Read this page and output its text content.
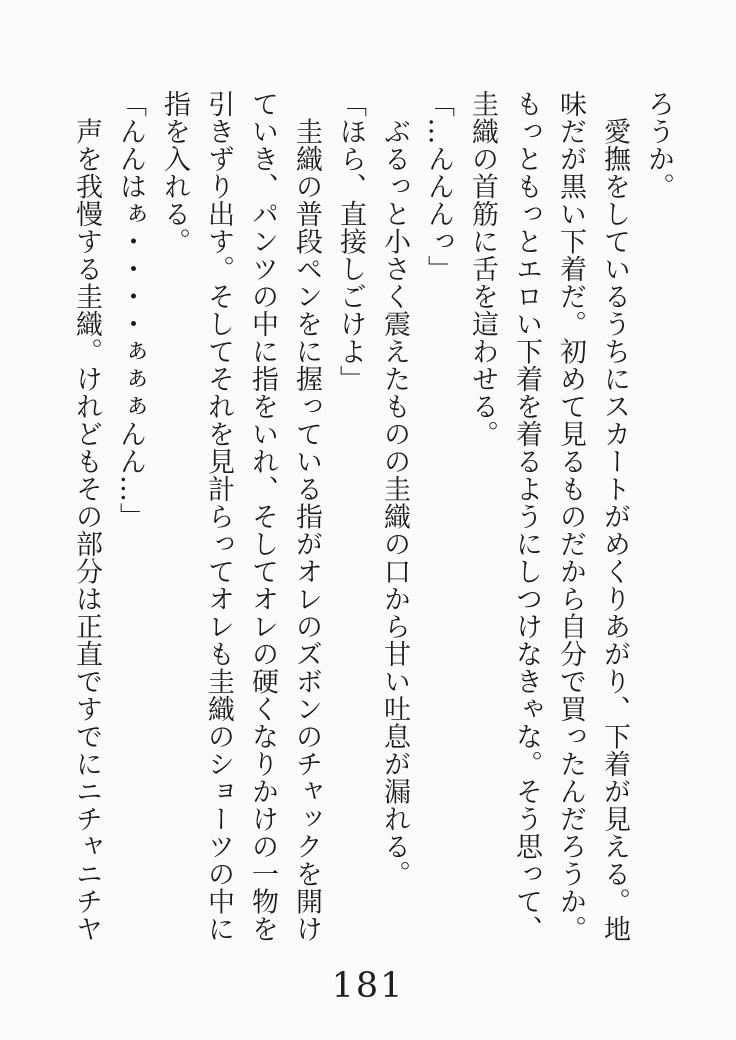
ろうか。
　愛撫をしているうちにスカートがめくりあがり、下着が見える。地
味だが黒い下着だ。初めて見るものだから自分で買ったんだろうか。
もっともっとエロい下着を着るようにしつけなきゃな。そう思って、
圭織の首筋に舌を這わせる。
「…んんんっ」
　ぶるっと小さく震えたものの圭織の口から甘い吐息が漏れる。
「ほら、直接しごけよ」
　圭織の普段ペンをに握っている指がオレのズボンのチャックを開け
ていき、パンツの中に指をいれ、そしてオレの硬くなりかけの一物を
引きずり出す。そしてそれを見計らってオレも圭織のショーツの中に
指を入れる。
「んんはぁ・・・・ぁぁぁんん…」
　声を我慢する圭織。けれどもその部分は正直ですでにニチャニチヤ
181
